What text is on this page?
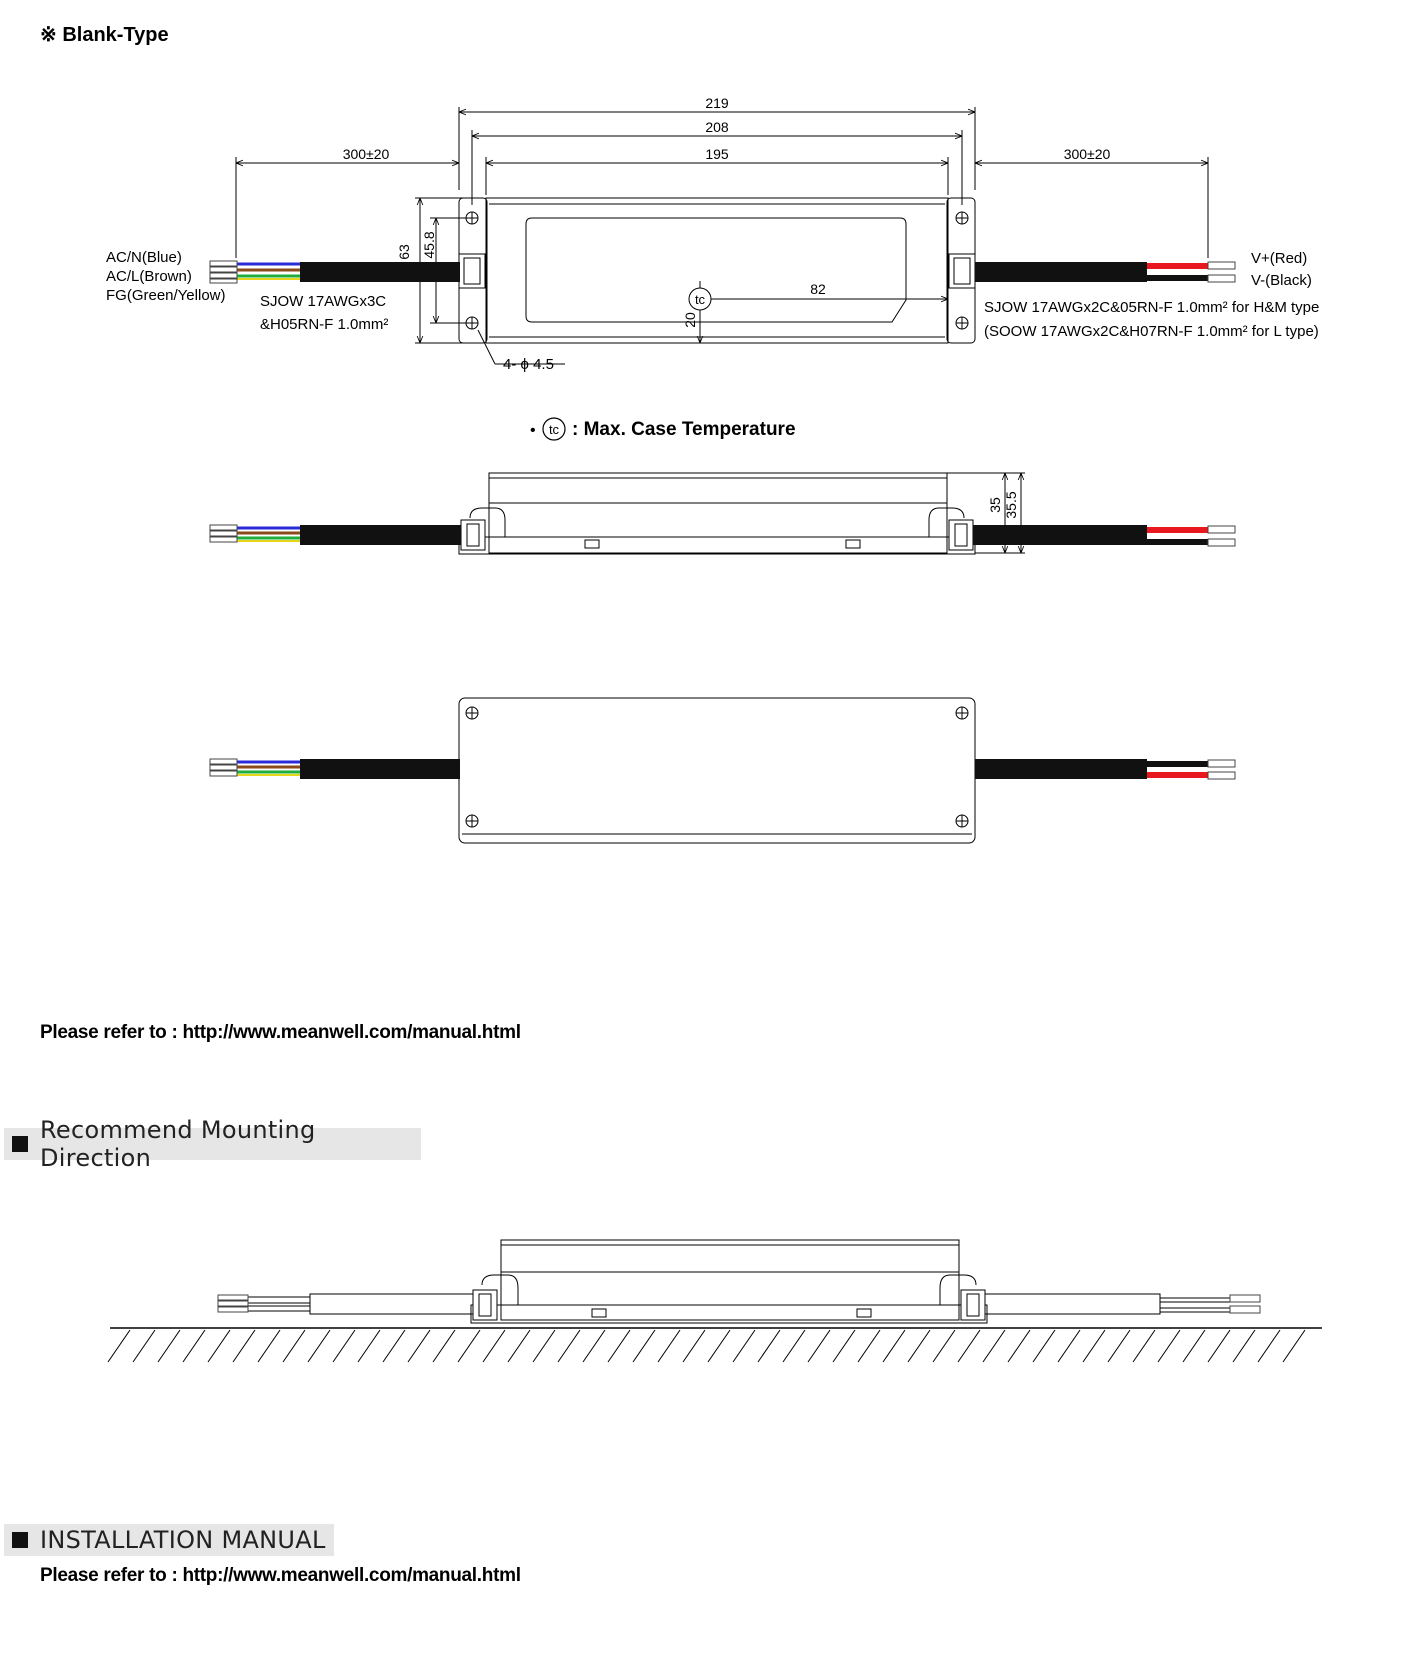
※ Blank-Type
219
208
195
300±20	300±20
63 45.8
82
20
tc
4- ϕ 4.5
AC/N(Blue)
AC/L(Brown)
FG(Green/Yellow) SJOW 17AWGx3C
&H05RN-F 1.0mm²
V+(Red)
V-(Black)
SJOW 17AWGx2C&05RN-F 1.0mm² for H&M type
(SOOW 17AWGx2C&H07RN-F 1.0mm² for L type)
• tc : Max. Case Temperature
35 35.5
Please refer to : http://www.meanwell.com/manual.html
Recommend Mounting Direction
INSTALLATION MANUAL
Please refer to : http://www.meanwell.com/manual.html
